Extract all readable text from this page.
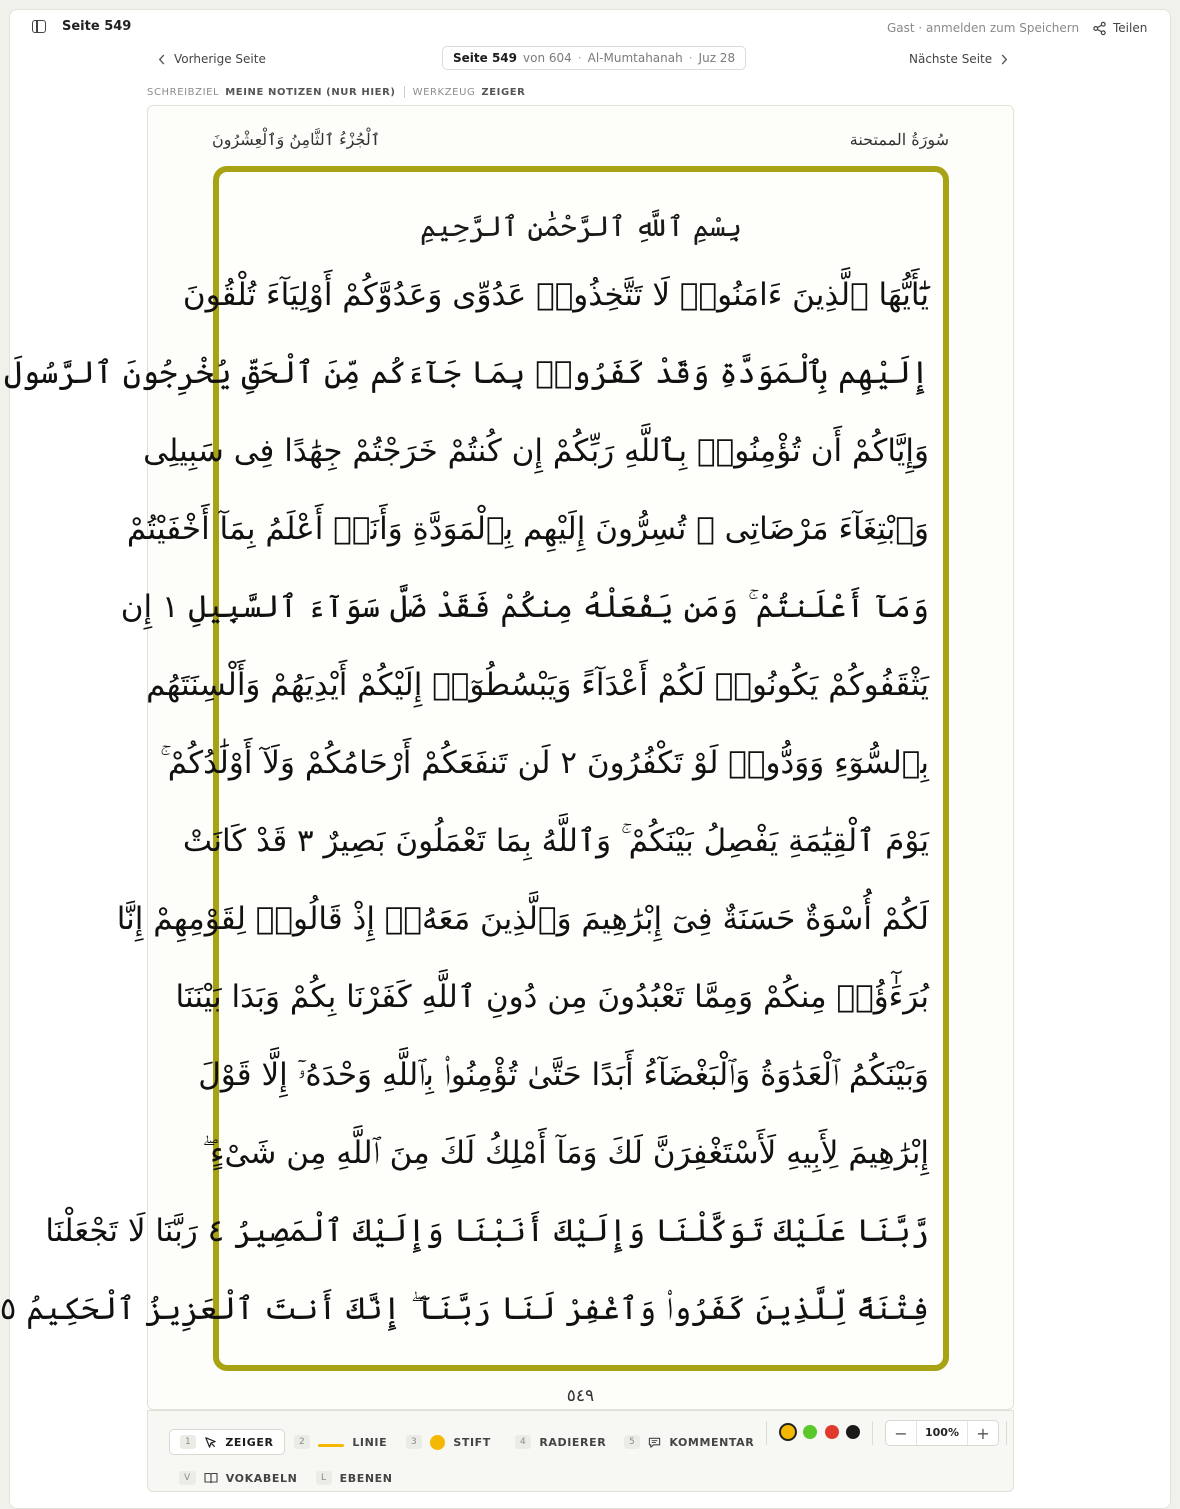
Seite 549	Gast · anmelden zum Speichern	Teilen
Vorherige Seite	Seite 549 von 604 · Al-Mumtahanah · Juz 28	Nächste Seite
SCHREIBZIEL MEINE NOTIZEN (NUR HIER) WERKZEUG ZEIGER
ٱلْجُزْءُ ٱلثَّامِنُ وَٱلْعِشْرُونَ	سُورَةُ الممتحنة
بِسْمِ ٱللَّهِ ٱلرَّحْمَٰنِ ٱلرَّحِيمِ
يَٰٓأَيُّهَا ٱلَّذِينَ ءَامَنُوا۟ لَا تَتَّخِذُوا۟ عَدُوِّى وَعَدُوَّكُمْ أَوْلِيَآءَ تُلْقُونَ
إِلَيْهِم بِٱلْمَوَدَّةِ وَقَدْ كَفَرُوا۟ بِمَا جَآءَكُم مِّنَ ٱلْحَقِّ يُخْرِجُونَ ٱلرَّسُولَ
وَإِيَّاكُمْ أَن تُؤْمِنُوا۟ بِٱللَّهِ رَبِّكُمْ إِن كُنتُمْ خَرَجْتُمْ جِهَٰدًا فِى سَبِيلِى
وَٱبْتِغَآءَ مَرْضَاتِى ۚ تُسِرُّونَ إِلَيْهِم بِٱلْمَوَدَّةِ وَأَنَا۠ أَعْلَمُ بِمَآ أَخْفَيْتُمْ
وَمَآ أَعْلَنتُمْ ۚ وَمَن يَفْعَلْهُ مِنكُمْ فَقَدْ ضَلَّ سَوَآءَ ٱلسَّبِيلِ ١ إِن
يَثْقَفُوكُمْ يَكُونُوا۟ لَكُمْ أَعْدَآءً وَيَبْسُطُوٓا۟ إِلَيْكُمْ أَيْدِيَهُمْ وَأَلْسِنَتَهُم
بِٱلسُّوٓءِ وَوَدُّوا۟ لَوْ تَكْفُرُونَ ٢ لَن تَنفَعَكُمْ أَرْحَامُكُمْ وَلَآ أَوْلَٰدُكُمْ ۚ
يَوْمَ ٱلْقِيَٰمَةِ يَفْصِلُ بَيْنَكُمْ ۚ وَٱللَّهُ بِمَا تَعْمَلُونَ بَصِيرٌ ٣ قَدْ كَانَتْ
لَكُمْ أُسْوَةٌ حَسَنَةٌ فِىٓ إِبْرَٰهِيمَ وَٱلَّذِينَ مَعَهُۥٓ إِذْ قَالُوا۟ لِقَوْمِهِمْ إِنَّا
بُرَءَٰٓؤُا۟ مِنكُمْ وَمِمَّا تَعْبُدُونَ مِن دُونِ ٱللَّهِ كَفَرْنَا بِكُمْ وَبَدَا بَيْنَنَا
وَبَيْنَكُمُ ٱلْعَدَٰوَةُ وَٱلْبَغْضَآءُ أَبَدًا حَتَّىٰ تُؤْمِنُوا۟ بِٱللَّهِ وَحْدَهُۥٓ إِلَّا قَوْلَ
إِبْرَٰهِيمَ لِأَبِيهِ لَأَسْتَغْفِرَنَّ لَكَ وَمَآ أَمْلِكُ لَكَ مِنَ ٱللَّهِ مِن شَىْءٍ ۖ
رَّبَّنَا عَلَيْكَ تَوَكَّلْنَا وَإِلَيْكَ أَنَبْنَا وَإِلَيْكَ ٱلْمَصِيرُ ٤ رَبَّنَا لَا تَجْعَلْنَا
فِتْنَةً لِّلَّذِينَ كَفَرُوا۟ وَٱغْفِرْ لَنَا رَبَّنَآ ۖ إِنَّكَ أَنتَ ٱلْعَزِيزُ ٱلْحَكِيمُ ٥
٥٤٩
1	ZEIGER	2	LINIE	3	STIFT	4	RADIERER	5	KOMMENTAR	−	100%	+
V	VOKABELN	L	EBENEN
